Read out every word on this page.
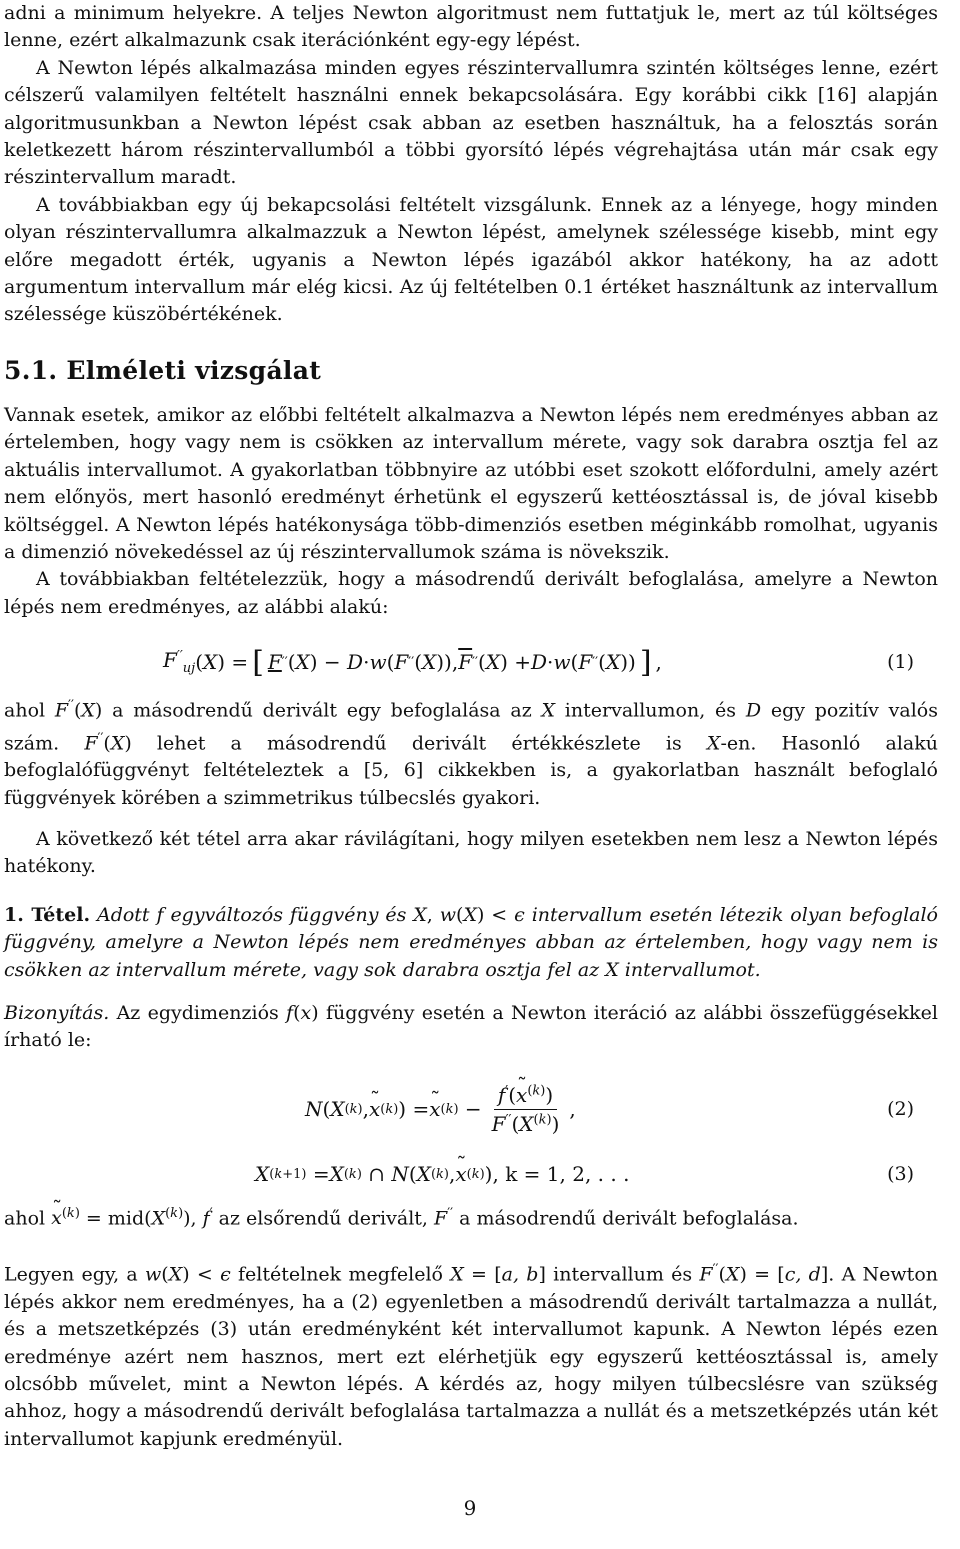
adni a minimum helyekre. A teljes Newton algoritmust nem futtatjuk le, mert az túl költséges lenne, ezért alkalmazunk csak iterációnként egy-egy lépést.

A Newton lépés alkalmazása minden egyes részintervallumra szintén költséges lenne, ezért célszerű valamilyen feltételt használni ennek bekapcsolására. Egy korábbi cikk [16] alapján algoritmusunkban a Newton lépést csak abban az esetben használtuk, ha a felosztás során keletkezett három részintervallumból a többi gyorsító lépés végrehajtása után már csak egy részintervallum maradt.

A továbbiakban egy új bekapcsolási feltételt vizsgálunk. Ennek az a lényege, hogy minden olyan részintervallumra alkalmazzuk a Newton lépést, amelynek szélessége kisebb, mint egy előre megadott érték, ugyanis a Newton lépés igazából akkor hatékony, ha az adott argumentum intervallum már elég kicsi. Az új feltételben 0.1 értéket használtunk az intervallum szélessége küszöbértékének.

5.1. Elméleti vizsgálat

Vannak esetek, amikor az előbbi feltételt alkalmazva a Newton lépés nem eredményes abban az értelemben, hogy vagy nem is csökken az intervallum mérete, vagy sok darabra osztja fel az aktuális intervallumot. A gyakorlatban többnyire az utóbbi eset szokott előfordulni, amely azért nem előnyös, mert hasonló eredményt érhetünk el egyszerű kettéosztással is, de jóval kisebb költséggel. A Newton lépés hatékonysága több-dimenziós esetben méginkább romolhat, ugyanis a dimenzió növekedéssel az új részintervallumok száma is növekszik.

A továbbiakban feltételezzük, hogy a másodrendű derivált befoglalása, amelyre a Newton lépés nem eredményes, az alábbi alakú:

$F''_{uj}$ ( X ) = [ F ′′ ( X ) − D · w ( F ′′ ( X )), $\overline{F}$ ′′ ( X ) + D · w ( F ′′ ( X )) ] ,	(1)

ahol F′′(X) a másodrendű derivált egy befoglalása az X intervallumon, és D egy pozitív valós szám. F′′(X) lehet a másodrendű derivált értékkészlete is X-en. Hasonló alakú befoglalófüggvényt feltételeztek a [5, 6] cikkekben is, a gyakorlatban használt befoglaló függvények körében a szimmetrikus túlbecslés gyakori.

A következő két tétel arra akar rávilágítani, hogy milyen esetekben nem lesz a Newton lépés hatékony.

1. Tétel. Adott f egyváltozós függvény és X, w(X) < ϵ intervallum esetén létezik olyan befoglaló függvény, amelyre a Newton lépés nem eredményes abban az értelemben, hogy vagy nem is csökken az intervallum mérete, vagy sok darabra osztja fel az X intervallumot.

Bizonyítás. Az egydimenziós f(x) függvény esetén a Newton iteráció az alábbi összefüggésekkel írható le:

N ( X (k) , ˜ x (k) ) = ˜ x $(k) - \frac{f'(˜ x^{(k)})}{F''(X^{(k)})}$ ,	(2)
X (k+1) = X (k) ∩ N ( X (k) , ˜ x (k) ) , k = 1, 2, . . .	(3)

ahol ˜ $x^{(k)} = mid(X^{(k)})$, f′ az elsőrendű derivált, F′′ a másodrendű derivált befoglalása.

Legyen egy, a w(X) < ϵ feltételnek megfelelő X = [a, b] intervallum és F′′(X) = [c, d]. A Newton lépés akkor nem eredményes, ha a (2) egyenletben a másodrendű derivált tartalmazza a nullát, és a metszetképzés (3) után eredményként két intervallumot kapunk. A Newton lépés ezen eredménye azért nem hasznos, mert ezt elérhetjük egy egyszerű kettéosztással is, amely olcsóbb művelet, mint a Newton lépés. A kérdés az, hogy milyen túlbecslésre van szükség ahhoz, hogy a másodrendű derivált befoglalása tartalmazza a nullát és a metszetképzés után két intervallumot kapjunk eredményül.

9
